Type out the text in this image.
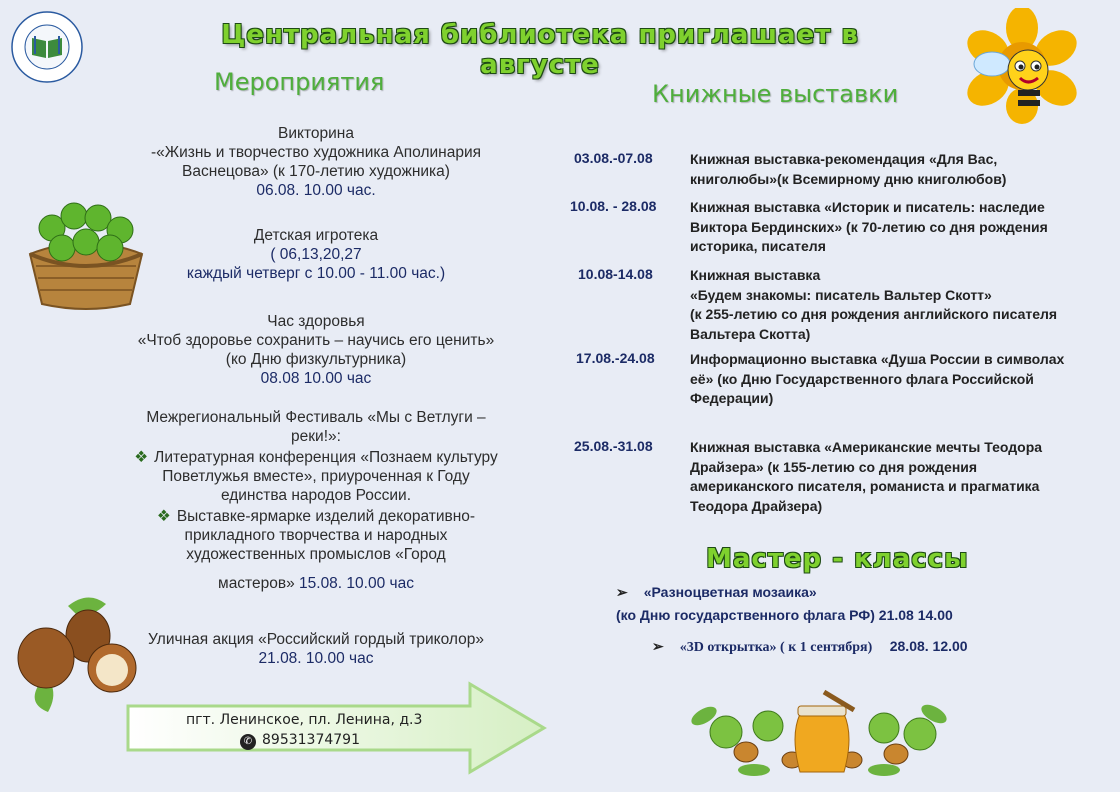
Центральная библиотека приглашает в августе
Мероприятия	Книжные выставки
Викторина
-«Жизнь и творчество художника Аполинария
Васнецова» (к 170-летию художника)
06.08. 10.00 час.
Детская игротека
( 06,13,20,27
каждый четверг с 10.00 - 11.00 час.)
Час здоровья
«Чтоб здоровье сохранить – научись его ценить»
(ко Дню физкультурника)
08.08 10.00 час
Межрегиональный Фестиваль «Мы с Ветлуги –
реки!»:
❖ Литературная конференция «Познаем культуру
Поветлужья вместе», приуроченная к Году
единства народов России.
❖ Выставке-ярмарке изделий декоративно-
прикладного творчества и народных
художественных промыслов «Город
мастеров» 15.08. 10.00 час
Уличная акция «Российский гордый триколор»
21.08. 10.00 час
пгт. Ленинское, пл. Ленина, д.3
✆ 89531374791
03.08.-07.08	Книжная выставка-рекомендация «Для Вас,
книголюбы»(к Всемирному дню книголюбов)
10.08. - 28.08 Книжная выставка «Историк и писатель: наследие
Виктора Бердинских» (к 70-летию со дня рождения
историка, писателя
10.08-14.08	Книжная выставка
«Будем знакомы: писатель Вальтер Скотт»
(к 255-летию со дня рождения английского писателя
Вальтера Скотта)
17.08.-24.08	Информационно выставка «Душа России в символах
её» (ко Дню Государственного флага Российской
Федерации)
25.08.-31.08	Книжная выставка «Американские мечты Теодора
Драйзера» (к 155-летию со дня рождения
американского писателя, романиста и прагматика
Теодора Драйзера)
Мастер - классы
➢ «Разноцветная мозаика»
(ко Дню государственного флага РФ) 21.08 14.00
➢ «3D открытка» ( к 1 сентября) 28.08. 12.00
